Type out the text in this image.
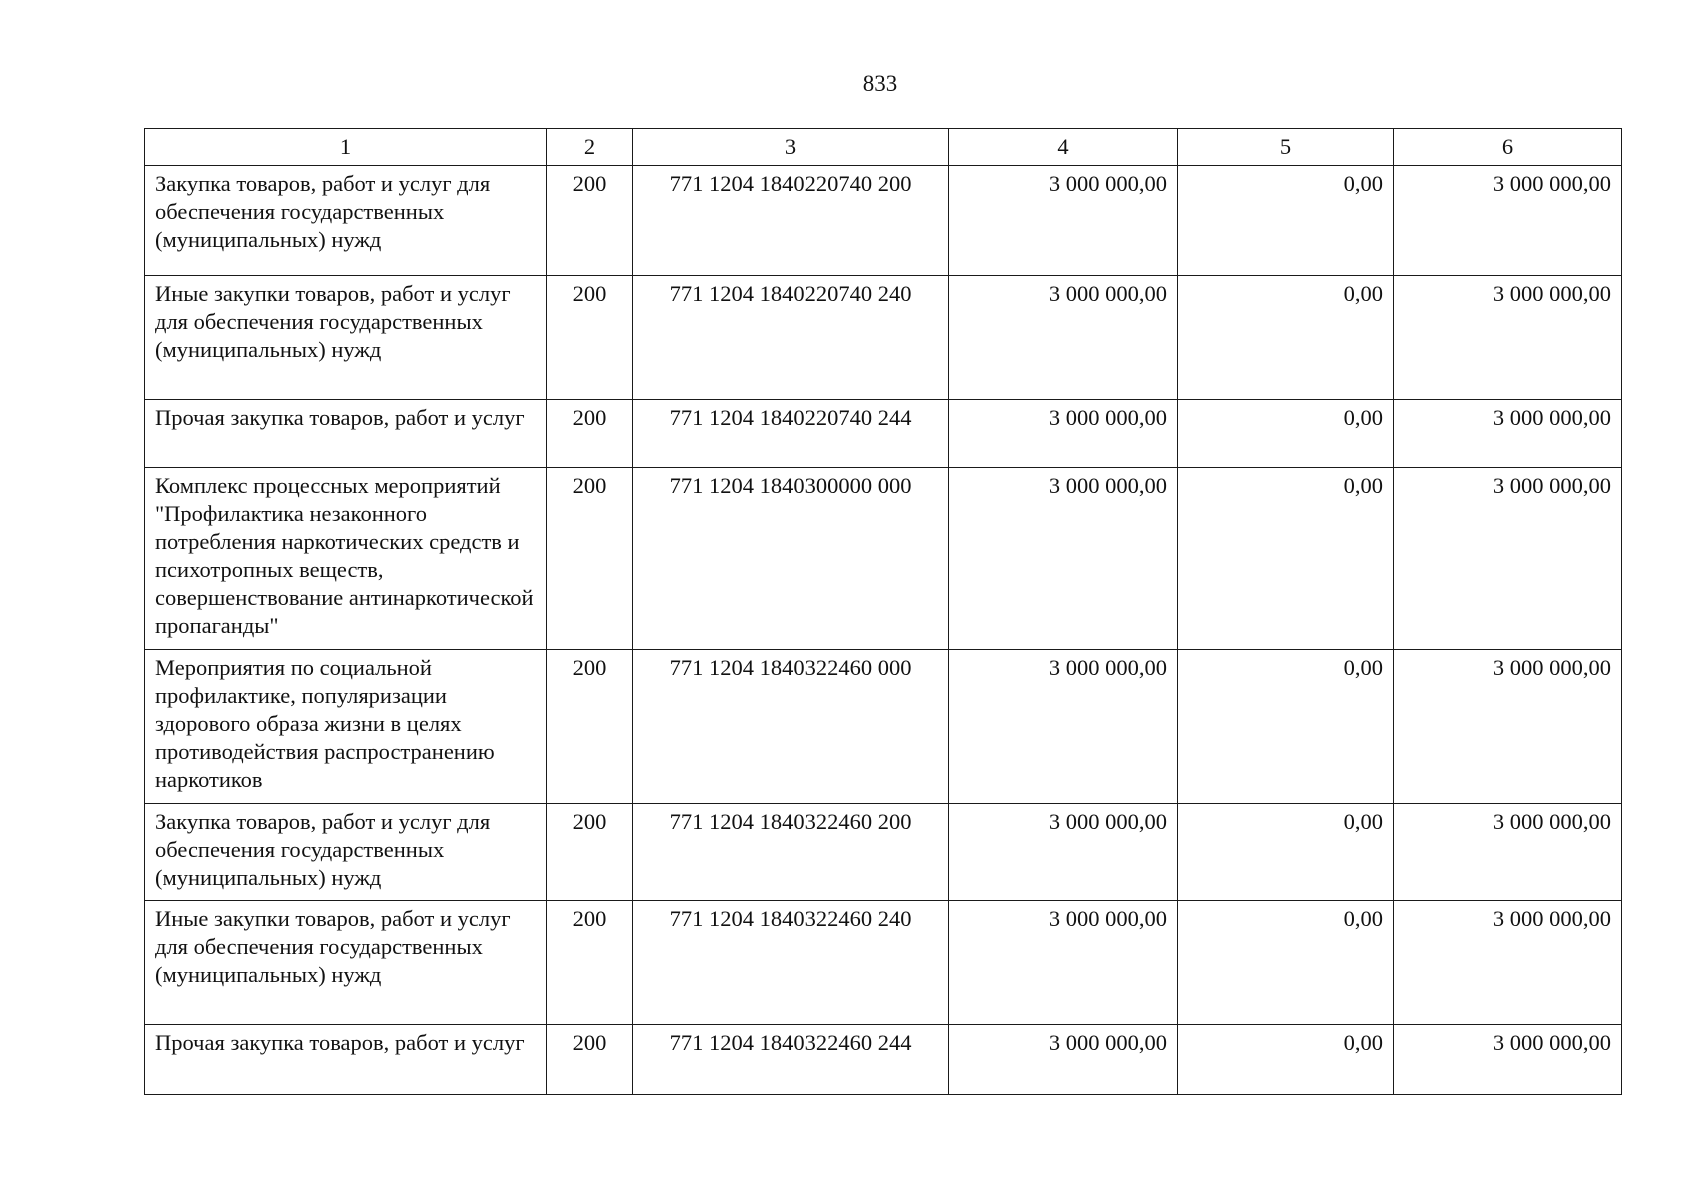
833
1	2	3	4	5	6
Закупка товаров, работ и услуг для обеспечения государственных (муниципальных) нужд	200	771 1204 1840220740 200	3 000 000,00	0,00	3 000 000,00
Иные закупки товаров, работ и услуг для обеспечения государственных (муниципальных) нужд	200	771 1204 1840220740 240	3 000 000,00	0,00	3 000 000,00
Прочая закупка товаров, работ и услуг	200	771 1204 1840220740 244	3 000 000,00	0,00	3 000 000,00
Комплекс процессных мероприятий "Профилактика незаконного потребления наркотических средств и психотропных веществ, совершенствование антинаркотической пропаганды"	200	771 1204 1840300000 000	3 000 000,00	0,00	3 000 000,00
Мероприятия по социальной профилактике, популяризации здорового образа жизни в целях противодействия распространению наркотиков	200	771 1204 1840322460 000	3 000 000,00	0,00	3 000 000,00
Закупка товаров, работ и услуг для обеспечения государственных (муниципальных) нужд	200	771 1204 1840322460 200	3 000 000,00	0,00	3 000 000,00
Иные закупки товаров, работ и услуг для обеспечения государственных (муниципальных) нужд	200	771 1204 1840322460 240	3 000 000,00	0,00	3 000 000,00
Прочая закупка товаров, работ и услуг	200	771 1204 1840322460 244	3 000 000,00	0,00	3 000 000,00
